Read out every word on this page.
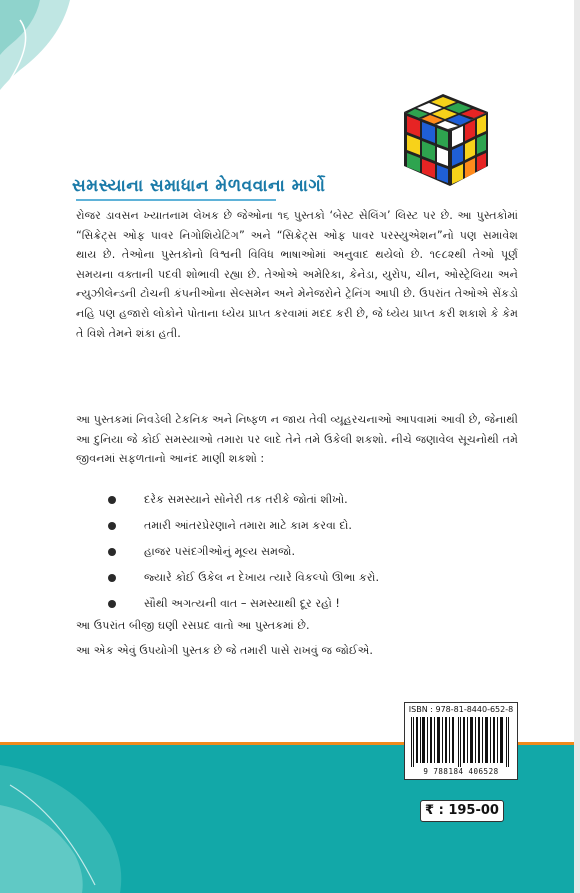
સમસ્યાના સમાધાન મેળવવાના માર્ગો

રોજર ડાવસન ખ્યાતનામ લેખક છે જેઓના ૧૬ પુસ્તકો ‘બેસ્ટ સેલિંગ’ લિસ્ટ પર છે. આ પુસ્તકોમાં “સિક્રેટ્સ ઓફ પાવર નિગોશિયેટિંગ” અને “સિક્રેટ્સ ઓફ પાવર પરસ્યુએશન”નો પણ સમાવેશ થાય છે. તેઓના પુસ્તકોનો વિશ્વની વિવિધ ભાષાઓમાં અનુવાદ થયેલો છે. ૧૯૮૨થી તેઓ પૂર્ણ સમયના વક્તાની પદવી શોભાવી રહ્યા છે. તેઓએ અમેરિકા, કેનેડા, યુરોપ, ચીન, ઓસ્ટ્રેલિયા અને ન્યુઝીલેન્ડની ટોચની કંપનીઓના સેલ્સમેન અને મેનેજરોને ટ્રેનિંગ આપી છે. ઉપરાંત તેઓએ સેંકડો નહિ પણ હજારો લોકોને પોતાના ધ્યેય પ્રાપ્ત કરવામાં મદદ કરી છે, જે ધ્યેય પ્રાપ્ત કરી શકાશે કે કેમ તે વિશે તેમને શંકા હતી.

આ પુસ્તકમાં નિવડેલી ટેકનિક અને નિષ્ફળ ન જાય તેવી વ્યૂહરચનાઓ આપવામાં આવી છે, જેનાથી આ દુનિયા જે કોઈ સમસ્યાઓ તમારા પર લાદે તેને તમે ઉકેલી શકશો. નીચે જણાવેલ સૂચનોથી તમે જીવનમાં સફળતાનો આનંદ માણી શકશો :

દરેક સમસ્યાને સોનેરી તક તરીકે જોતાં શીખો.
તમારી આંતરપ્રેરણાને તમારા માટે કામ કરવા દો.
હાજર પસંદગીઓનું મૂલ્ય સમજો.
જ્યારે કોઈ ઉકેલ ન દેખાય ત્યારે વિકલ્પો ઊભા કરો.
સૌથી અગત્યની વાત – સમસ્યાથી દૂર રહો !

આ ઉપરાંત બીજી ઘણી રસપ્રદ વાતો આ પુસ્તકમાં છે.

આ એક એવું ઉપયોગી પુસ્તક છે જે તમારી પાસે રાખવું જ જોઈએ.

ISBN : 978-81-8440-652-8
9 788184 406528
₹ : 195-00
